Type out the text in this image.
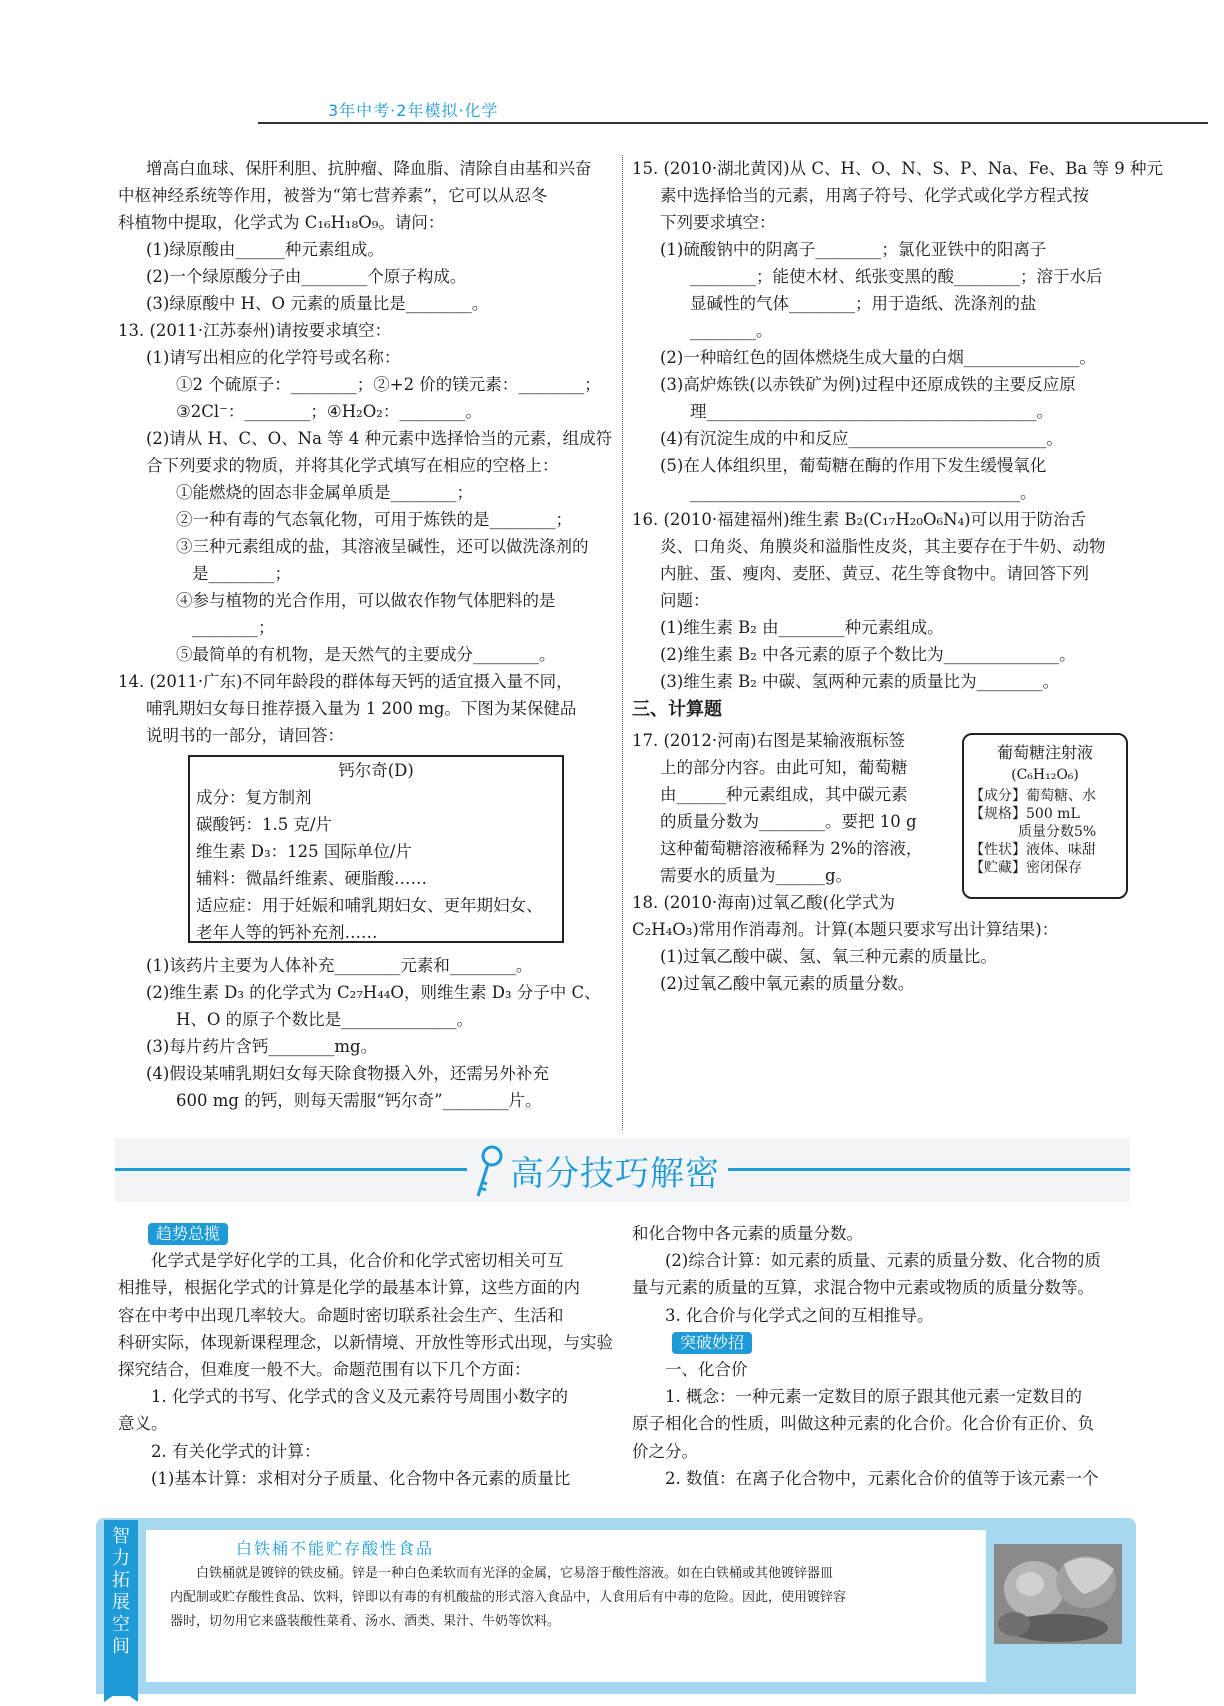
3年中考·2年模拟·化学

增高白血球、保肝利胆、抗肿瘤、降血脂、清除自由基和兴奋

中枢神经系统等作用，被誉为“第七营养素”，它可以从忍冬

科植物中提取，化学式为 C₁₆H₁₈O₉。请问：

(1)绿原酸由______种元素组成。

(2)一个绿原酸分子由________个原子构成。

(3)绿原酸中 H、O 元素的质量比是________。

13. (2011·江苏泰州)请按要求填空：

(1)请写出相应的化学符号或名称：

①2 个硫原子：________；②+2 价的镁元素：________；

③2Cl⁻：________；④H₂O₂：________。

(2)请从 H、C、O、Na 等 4 种元素中选择恰当的元素，组成符

合下列要求的物质，并将其化学式填写在相应的空格上：

①能燃烧的固态非金属单质是________；

②一种有毒的气态氧化物，可用于炼铁的是________；

③三种元素组成的盐，其溶液呈碱性，还可以做洗涤剂的

是________；

④参与植物的光合作用，可以做农作物气体肥料的是

________；

⑤最简单的有机物，是天然气的主要成分________。

14. (2011·广东)不同年龄段的群体每天钙的适宜摄入量不同，

哺乳期妇女每日推荐摄入量为 1 200 mg。下图为某保健品

说明书的一部分，请回答：

钙尔奇(D)

成分：复方制剂

碳酸钙：1.5 克/片

维生素 D₃：125 国际单位/片

辅料：微晶纤维素、硬脂酸……

适应症：用于妊娠和哺乳期妇女、更年期妇女、

老年人等的钙补充剂……

(1)该药片主要为人体补充________元素和________。

(2)维生素 D₃ 的化学式为 C₂₇H₄₄O，则维生素 D₃ 分子中 C、

H、O 的原子个数比是______________。

(3)每片药片含钙________mg。

(4)假设某哺乳期妇女每天除食物摄入外，还需另外补充

600 mg 的钙，则每天需服“钙尔奇”________片。

15. (2010·湖北黄冈)从 C、H、O、N、S、P、Na、Fe、Ba 等 9 种元

素中选择恰当的元素，用离子符号、化学式或化学方程式按

下列要求填空：

(1)硫酸钠中的阴离子________；氯化亚铁中的阳离子

________；能使木材、纸张变黑的酸________；溶于水后

显碱性的气体________；用于造纸、洗涤剂的盐

________。

(2)一种暗红色的固体燃烧生成大量的白烟______________。

(3)高炉炼铁(以赤铁矿为例)过程中还原成铁的主要反应原

理________________________________________。

(4)有沉淀生成的中和反应________________________。

(5)在人体组织里，葡萄糖在酶的作用下发生缓慢氧化

________________________________________。

16. (2010·福建福州)维生素 B₂(C₁₇H₂₀O₆N₄)可以用于防治舌

炎、口角炎、角膜炎和溢脂性皮炎，其主要存在于牛奶、动物

内脏、蛋、瘦肉、麦胚、黄豆、花生等食物中。请回答下列

问题：

(1)维生素 B₂ 由________种元素组成。

(2)维生素 B₂ 中各元素的原子个数比为______________。

(3)维生素 B₂ 中碳、氢两种元素的质量比为________。

三、计算题

17. (2012·河南)右图是某输液瓶标签

上的部分内容。由此可知，葡萄糖

由______种元素组成，其中碳元素

的质量分数为________。要把 10 g

这种葡萄糖溶液稀释为 2%的溶液，

需要水的质量为______g。

18. (2010·海南)过氧乙酸(化学式为

C₂H₄O₃)常用作消毒剂。计算(本题只要求写出计算结果)：

(1)过氧乙酸中碳、氢、氧三种元素的质量比。

(2)过氧乙酸中氧元素的质量分数。

葡萄糖注射液

(C₆H₁₂O₆)

【成分】葡萄糖、水

【规格】500 mL

质量分数5%

【性状】液体、味甜

【贮藏】密闭保存

高分技巧解密

趋势总揽

化学式是学好化学的工具，化合价和化学式密切相关可互

相推导，根据化学式的计算是化学的最基本计算，这些方面的内

容在中考中出现几率较大。命题时密切联系社会生产、生活和

科研实际，体现新课程理念，以新情境、开放性等形式出现，与实验

探究结合，但难度一般不大。命题范围有以下几个方面：

1. 化学式的书写、化学式的含义及元素符号周围小数字的

意义。

2. 有关化学式的计算：

(1)基本计算：求相对分子质量、化合物中各元素的质量比

和化合物中各元素的质量分数。

(2)综合计算：如元素的质量、元素的质量分数、化合物的质

量与元素的质量的互算，求混合物中元素或物质的质量分数等。

3. 化合价与化学式之间的互相推导。

突破妙招

一、化合价

1. 概念：一种元素一定数目的原子跟其他元素一定数目的

原子相化合的性质，叫做这种元素的化合价。化合价有正价、负

价之分。

2. 数值：在离子化合物中，元素化合价的值等于该元素一个

智力拓展空间
白铁桶不能贮存酸性食品

白铁桶就是镀锌的铁皮桶。锌是一种白色柔软而有光泽的金属，它易溶于酸性溶液。如在白铁桶或其他镀锌器皿

内配制或贮存酸性食品、饮料，锌即以有毒的有机酸盐的形式溶入食品中，人食用后有中毒的危险。因此，使用镀锌容

器时，切勿用它来盛装酸性菜肴、汤水、酒类、果汁、牛奶等饮料。
